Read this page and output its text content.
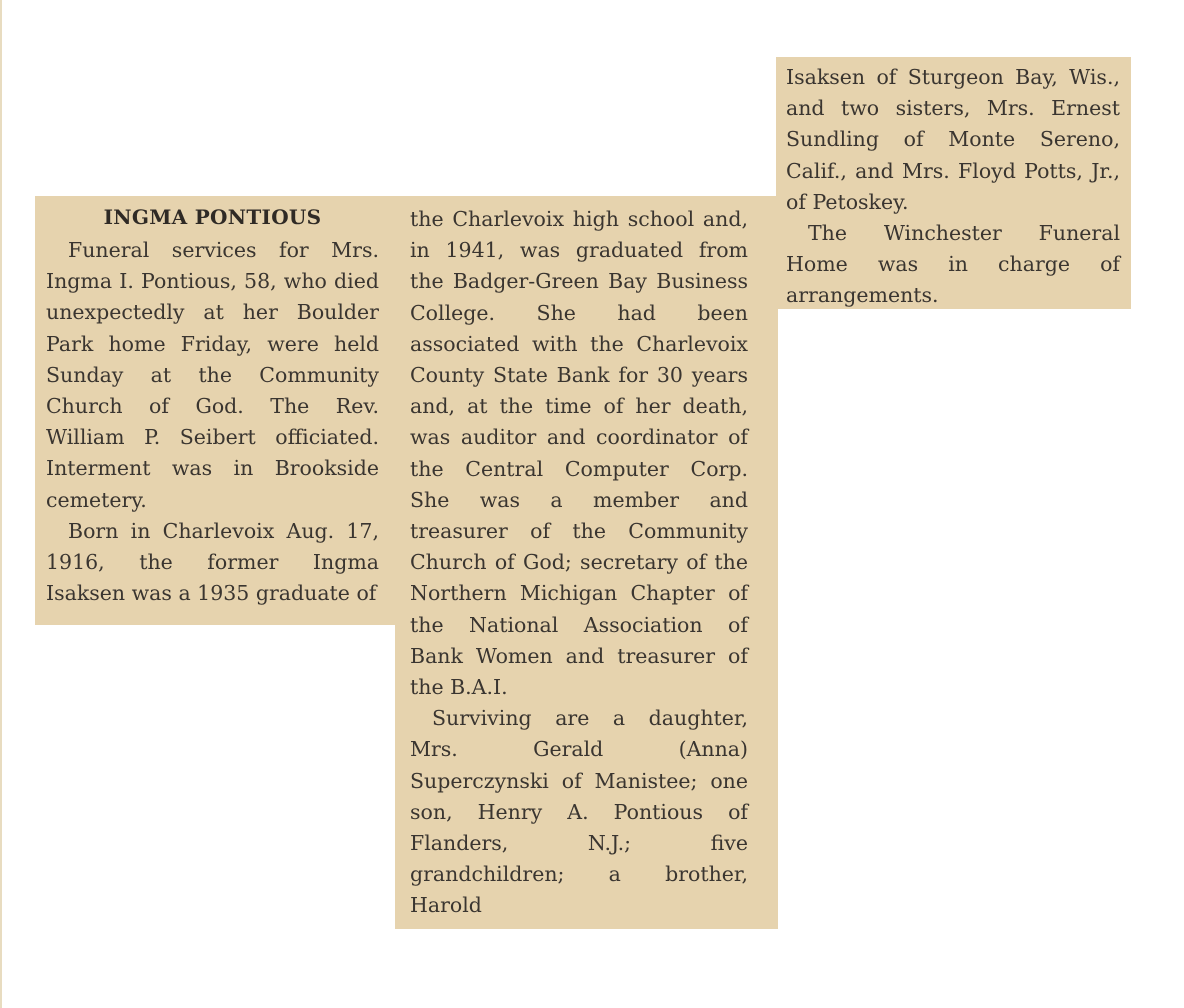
INGMA PONTIOUS

Funeral services for Mrs. Ingma I. Pontious, 58, who died unexpectedly at her Boulder Park home Friday, were held Sunday at the Community Church of God. The Rev. William P. Seibert officiated. Interment was in Brookside cemetery.

Born in Charlevoix Aug. 17, 1916, the former Ingma Isaksen was a 1935 graduate of

the Charlevoix high school and, in 1941, was graduated from the Badger-Green Bay Business College. She had been associated with the Charlevoix County State Bank for 30 years and, at the time of her death, was auditor and coordinator of the Central Computer Corp. She was a member and treasurer of the Community Church of God; secretary of the Northern Michigan Chapter of the National Association of Bank Women and treasurer of the B.A.I.

Surviving are a daughter, Mrs. Gerald (Anna) Superczynski of Manistee; one son, Henry A. Pontious of Flanders, N.J.; five grandchildren; a brother, Harold

Isaksen of Sturgeon Bay, Wis., and two sisters, Mrs. Ernest Sundling of Monte Sereno, Calif., and Mrs. Floyd Potts, Jr., of Petoskey.

The Winchester Funeral Home was in charge of arrangements.
